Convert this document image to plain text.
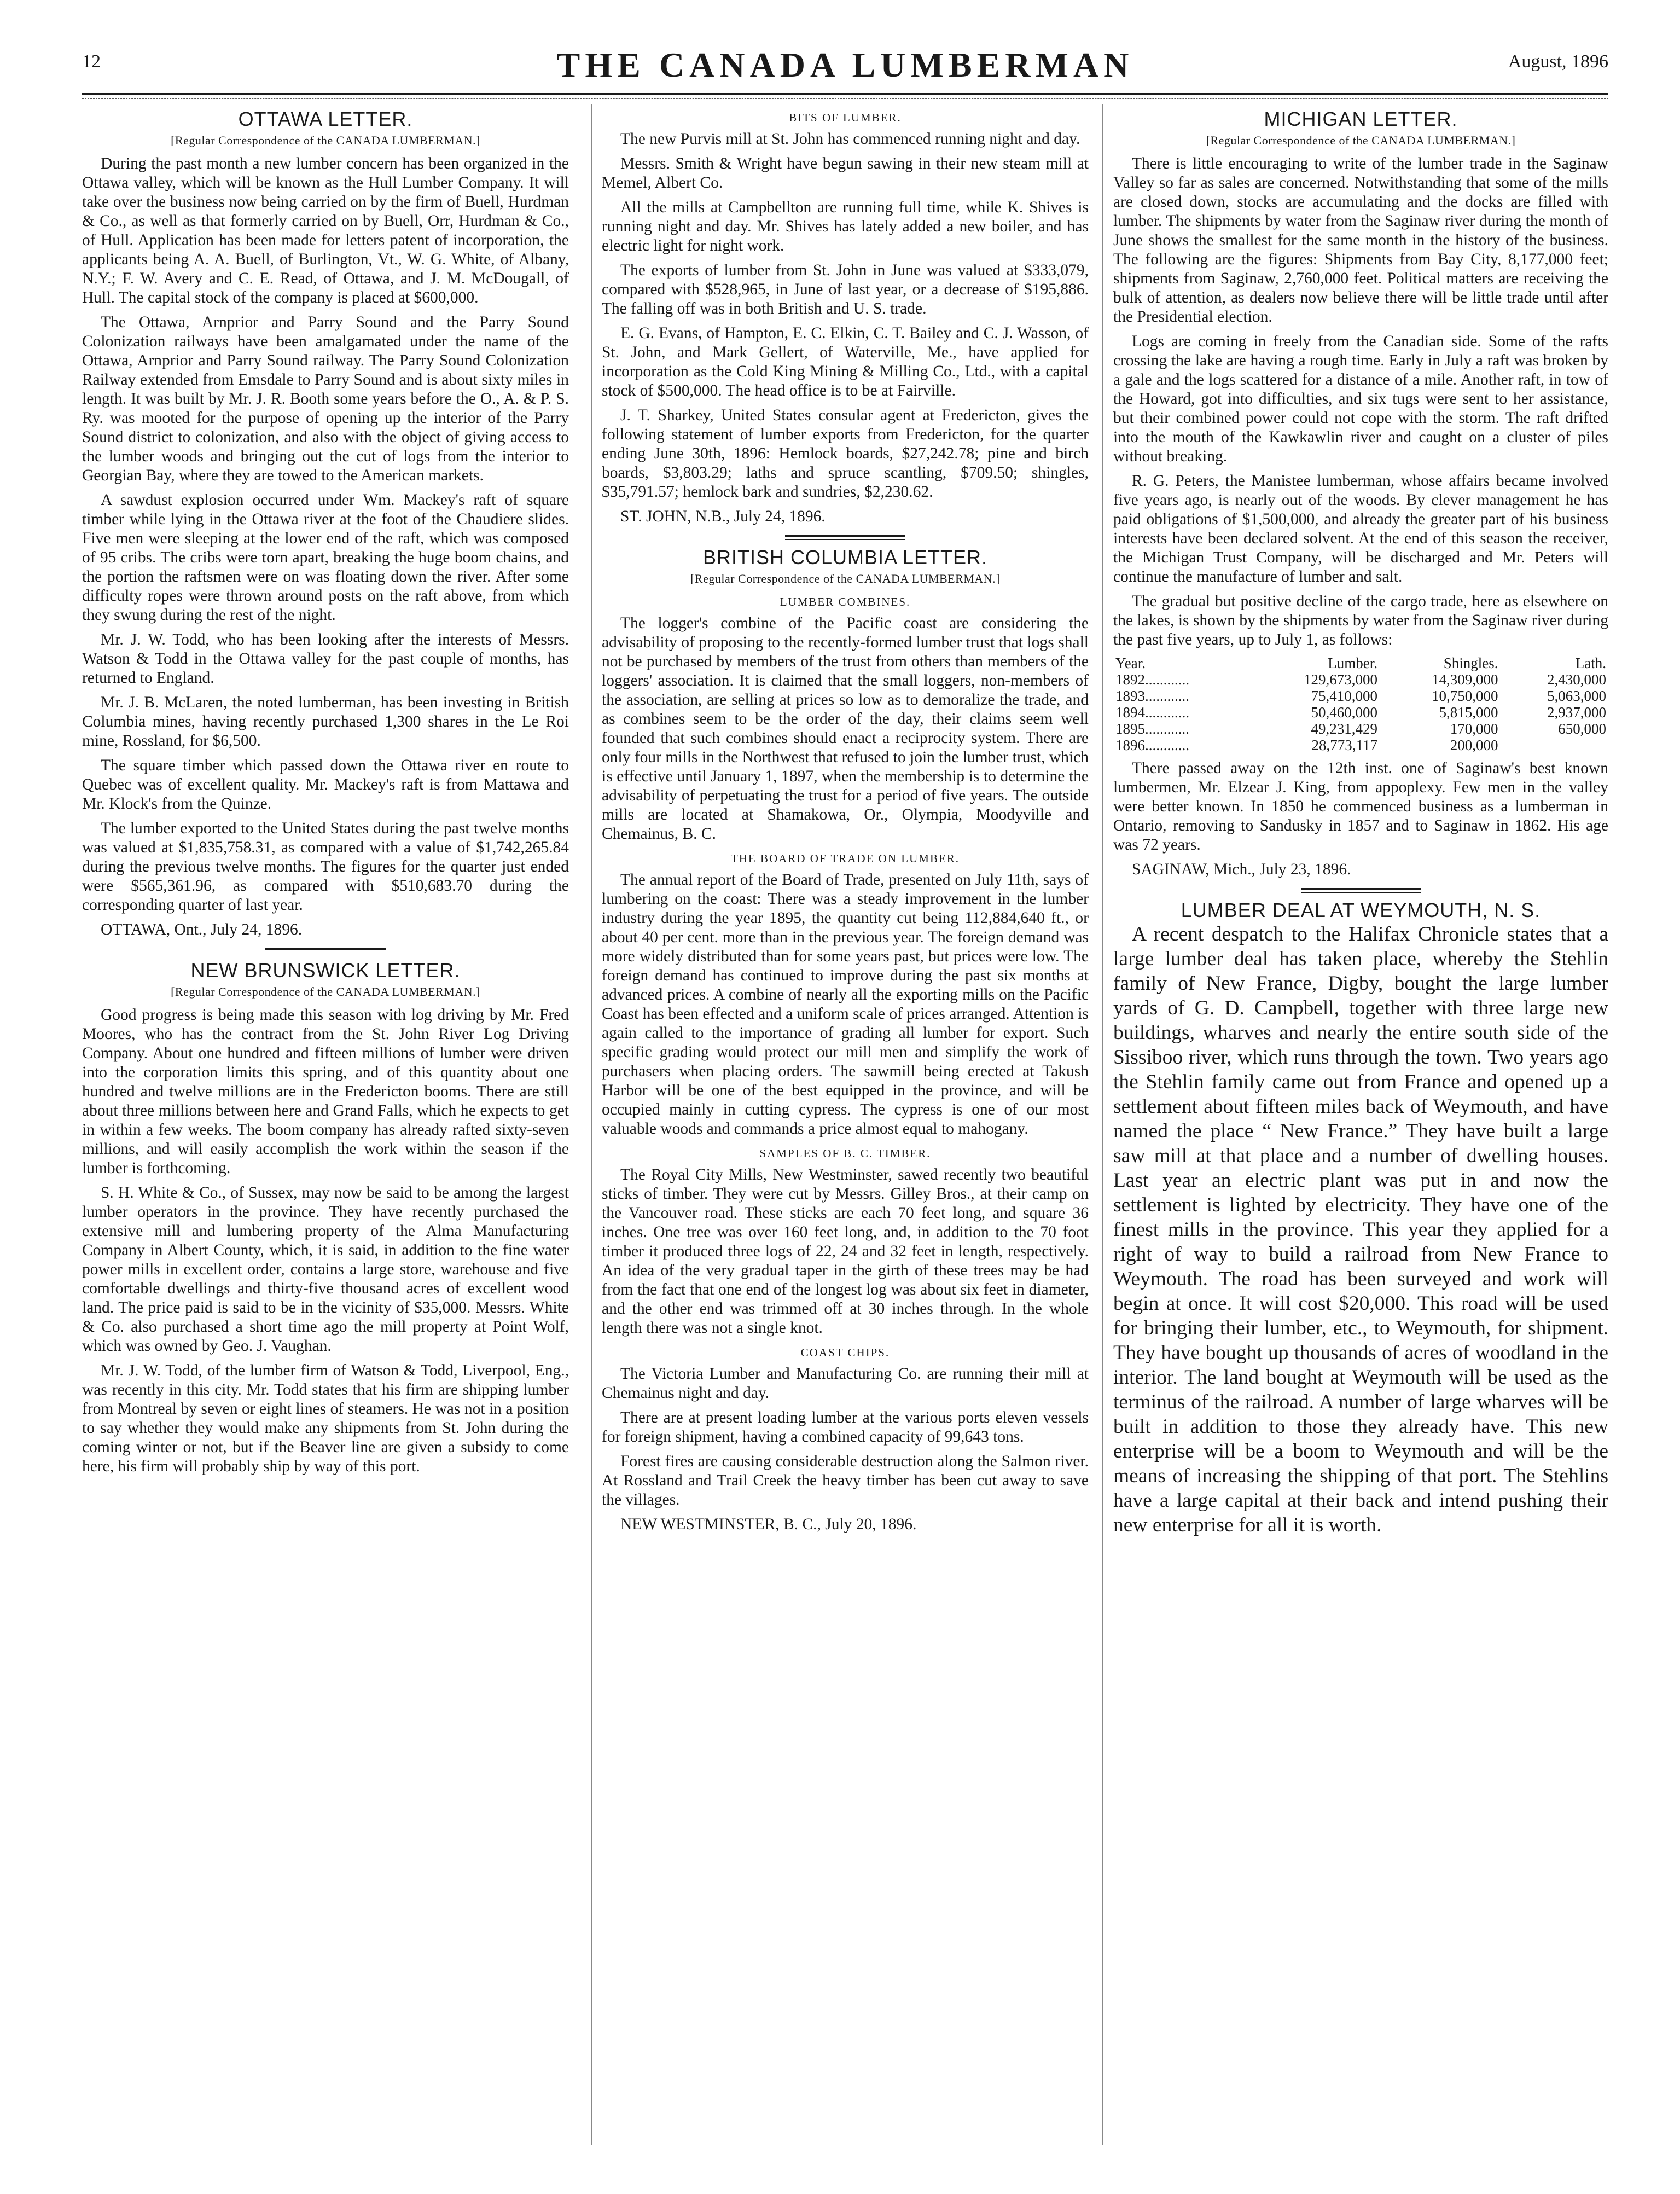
12	THE CANADA LUMBERMAN	August, 1896
OTTAWA LETTER.
[Regular Correspondence of the CANADA LUMBERMAN.]

During the past month a new lumber concern has been organized in the Ottawa valley, which will be known as the Hull Lumber Company. It will take over the business now being carried on by the firm of Buell, Hurdman & Co., as well as that formerly carried on by Buell, Orr, Hurdman & Co., of Hull. Application has been made for letters patent of incorporation, the applicants being A. A. Buell, of Burlington, Vt., W. G. White, of Albany, N.Y.; F. W. Avery and C. E. Read, of Ottawa, and J. M. McDougall, of Hull. The capital stock of the company is placed at $600,000.

The Ottawa, Arnprior and Parry Sound and the Parry Sound Colonization railways have been amalgamated under the name of the Ottawa, Arnprior and Parry Sound railway. The Parry Sound Colonization Railway extended from Emsdale to Parry Sound and is about sixty miles in length. It was built by Mr. J. R. Booth some years before the O., A. & P. S. Ry. was mooted for the purpose of opening up the interior of the Parry Sound district to colonization, and also with the object of giving access to the lumber woods and bringing out the cut of logs from the interior to Georgian Bay, where they are towed to the American markets.

A sawdust explosion occurred under Wm. Mackey's raft of square timber while lying in the Ottawa river at the foot of the Chaudiere slides. Five men were sleeping at the lower end of the raft, which was composed of 95 cribs. The cribs were torn apart, breaking the huge boom chains, and the portion the raftsmen were on was floating down the river. After some difficulty ropes were thrown around posts on the raft above, from which they swung during the rest of the night.

Mr. J. W. Todd, who has been looking after the interests of Messrs. Watson & Todd in the Ottawa valley for the past couple of months, has returned to England.

Mr. J. B. McLaren, the noted lumberman, has been investing in British Columbia mines, having recently purchased 1,300 shares in the Le Roi mine, Rossland, for $6,500.

The square timber which passed down the Ottawa river en route to Quebec was of excellent quality. Mr. Mackey's raft is from Mattawa and Mr. Klock's from the Quinze.

The lumber exported to the United States during the past twelve months was valued at $1,835,758.31, as compared with a value of $1,742,265.84 during the previous twelve months. The figures for the quarter just ended were $565,361.96, as compared with $510,683.70 during the corresponding quarter of last year.

OTTAWA, Ont., July 24, 1896.

NEW BRUNSWICK LETTER.
[Regular Correspondence of the CANADA LUMBERMAN.]

Good progress is being made this season with log driving by Mr. Fred Moores, who has the contract from the St. John River Log Driving Company. About one hundred and fifteen millions of lumber were driven into the corporation limits this spring, and of this quantity about one hundred and twelve millions are in the Fredericton booms. There are still about three millions between here and Grand Falls, which he expects to get in within a few weeks. The boom company has already rafted sixty-seven millions, and will easily accomplish the work within the season if the lumber is forthcoming.

S. H. White & Co., of Sussex, may now be said to be among the largest lumber operators in the province. They have recently purchased the extensive mill and lumbering property of the Alma Manufacturing Company in Albert County, which, it is said, in addition to the fine water power mills in excellent order, contains a large store, warehouse and five comfortable dwellings and thirty-five thousand acres of excellent wood land. The price paid is said to be in the vicinity of $35,000. Messrs. White & Co. also purchased a short time ago the mill property at Point Wolf, which was owned by Geo. J. Vaughan.

Mr. J. W. Todd, of the lumber firm of Watson & Todd, Liverpool, Eng., was recently in this city. Mr. Todd states that his firm are shipping lumber from Montreal by seven or eight lines of steamers. He was not in a position to say whether they would make any shipments from St. John during the coming winter or not, but if the Beaver line are given a subsidy to come here, his firm will probably ship by way of this port.

BITS OF LUMBER.

The new Purvis mill at St. John has commenced running night and day.

Messrs. Smith & Wright have begun sawing in their new steam mill at Memel, Albert Co.

All the mills at Campbellton are running full time, while K. Shives is running night and day. Mr. Shives has lately added a new boiler, and has electric light for night work.

The exports of lumber from St. John in June was valued at $333,079, compared with $528,965, in June of last year, or a decrease of $195,886. The falling off was in both British and U. S. trade.

E. G. Evans, of Hampton, E. C. Elkin, C. T. Bailey and C. J. Wasson, of St. John, and Mark Gellert, of Waterville, Me., have applied for incorporation as the Cold King Mining & Milling Co., Ltd., with a capital stock of $500,000. The head office is to be at Fairville.

J. T. Sharkey, United States consular agent at Fredericton, gives the following statement of lumber exports from Fredericton, for the quarter ending June 30th, 1896: Hemlock boards, $27,242.78; pine and birch boards, $3,803.29; laths and spruce scantling, $709.50; shingles, $35,791.57; hemlock bark and sundries, $2,230.62.

ST. JOHN, N.B., July 24, 1896.

BRITISH COLUMBIA LETTER.
[Regular Correspondence of the CANADA LUMBERMAN.]
LUMBER COMBINES.

The logger's combine of the Pacific coast are considering the advisability of proposing to the recently-formed lumber trust that logs shall not be purchased by members of the trust from others than members of the loggers' association. It is claimed that the small loggers, non-members of the association, are selling at prices so low as to demoralize the trade, and as combines seem to be the order of the day, their claims seem well founded that such combines should enact a reciprocity system. There are only four mills in the Northwest that refused to join the lumber trust, which is effective until January 1, 1897, when the membership is to determine the advisability of perpetuating the trust for a period of five years. The outside mills are located at Shamakowa, Or., Olympia, Moodyville and Chemainus, B. C.

THE BOARD OF TRADE ON LUMBER.

The annual report of the Board of Trade, presented on July 11th, says of lumbering on the coast: There was a steady improvement in the lumber industry during the year 1895, the quantity cut being 112,884,640 ft., or about 40 per cent. more than in the previous year. The foreign demand was more widely distributed than for some years past, but prices were low. The foreign demand has continued to improve during the past six months at advanced prices. A combine of nearly all the exporting mills on the Pacific Coast has been effected and a uniform scale of prices arranged. Attention is again called to the importance of grading all lumber for export. Such specific grading would protect our mill men and simplify the work of purchasers when placing orders. The sawmill being erected at Takush Harbor will be one of the best equipped in the province, and will be occupied mainly in cutting cypress. The cypress is one of our most valuable woods and commands a price almost equal to mahogany.

SAMPLES OF B. C. TIMBER.

The Royal City Mills, New Westminster, sawed recently two beautiful sticks of timber. They were cut by Messrs. Gilley Bros., at their camp on the Vancouver road. These sticks are each 70 feet long, and square 36 inches. One tree was over 160 feet long, and, in addition to the 70 foot timber it produced three logs of 22, 24 and 32 feet in length, respectively. An idea of the very gradual taper in the girth of these trees may be had from the fact that one end of the longest log was about six feet in diameter, and the other end was trimmed off at 30 inches through. In the whole length there was not a single knot.

COAST CHIPS.

The Victoria Lumber and Manufacturing Co. are running their mill at Chemainus night and day.

There are at present loading lumber at the various ports eleven vessels for foreign shipment, having a combined capacity of 99,643 tons.

Forest fires are causing considerable destruction along the Salmon river. At Rossland and Trail Creek the heavy timber has been cut away to save the villages.

NEW WESTMINSTER, B. C., July 20, 1896.

MICHIGAN LETTER.
[Regular Correspondence of the CANADA LUMBERMAN.]

There is little encouraging to write of the lumber trade in the Saginaw Valley so far as sales are concerned. Notwithstanding that some of the mills are closed down, stocks are accumulating and the docks are filled with lumber. The shipments by water from the Saginaw river during the month of June shows the smallest for the same month in the history of the business. The following are the figures: Shipments from Bay City, 8,177,000 feet; shipments from Saginaw, 2,760,000 feet. Political matters are receiving the bulk of attention, as dealers now believe there will be little trade until after the Presidential election.

Logs are coming in freely from the Canadian side. Some of the rafts crossing the lake are having a rough time. Early in July a raft was broken by a gale and the logs scattered for a distance of a mile. Another raft, in tow of the Howard, got into difficulties, and six tugs were sent to her assistance, but their combined power could not cope with the storm. The raft drifted into the mouth of the Kawkawlin river and caught on a cluster of piles without breaking.

R. G. Peters, the Manistee lumberman, whose affairs became involved five years ago, is nearly out of the woods. By clever management he has paid obligations of $1,500,000, and already the greater part of his business interests have been declared solvent. At the end of this season the receiver, the Michigan Trust Company, will be discharged and Mr. Peters will continue the manufacture of lumber and salt.

The gradual but positive decline of the cargo trade, here as elsewhere on the lakes, is shown by the shipments by water from the Saginaw river during the past five years, up to July 1, as follows:

Year.	Lumber.	Shingles.	Lath.
1892............	129,673,000	14,309,000	2,430,000
1893............	75,410,000	10,750,000	5,063,000
1894............	50,460,000	5,815,000	2,937,000
1895............	49,231,429	170,000	650,000
1896............	28,773,117	200,000	

There passed away on the 12th inst. one of Saginaw's best known lumbermen, Mr. Elzear J. King, from appoplexy. Few men in the valley were better known. In 1850 he commenced business as a lumberman in Ontario, removing to Sandusky in 1857 and to Saginaw in 1862. His age was 72 years.

SAGINAW, Mich., July 23, 1896.

LUMBER DEAL AT WEYMOUTH, N. S.

A recent despatch to the Halifax Chronicle states that a large lumber deal has taken place, whereby the Stehlin family of New France, Digby, bought the large lumber yards of G. D. Campbell, together with three large new buildings, wharves and nearly the entire south side of the Sissiboo river, which runs through the town. Two years ago the Stehlin family came out from France and opened up a settlement about fifteen miles back of Weymouth, and have named the place “ New France.” They have built a large saw mill at that place and a number of dwelling houses. Last year an electric plant was put in and now the settlement is lighted by electricity. They have one of the finest mills in the province. This year they applied for a right of way to build a railroad from New France to Weymouth. The road has been surveyed and work will begin at once. It will cost $20,000. This road will be used for bringing their lumber, etc., to Weymouth, for shipment. They have bought up thousands of acres of woodland in the interior. The land bought at Weymouth will be used as the terminus of the railroad. A number of large wharves will be built in addition to those they already have. This new enterprise will be a boom to Weymouth and will be the means of increasing the shipping of that port. The Stehlins have a large capital at their back and intend pushing their new enterprise for all it is worth.
